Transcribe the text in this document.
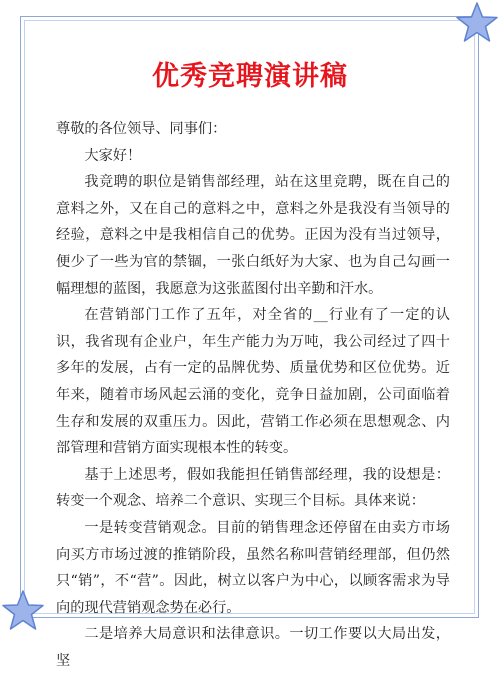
优秀竞聘演讲稿

尊敬的各位领导、同事们：

大家好！

我竞聘的职位是销售部经理，站在这里竞聘，既在自己的意料之外，又在自己的意料之中，意料之外是我没有当领导的经验，意料之中是我相信自己的优势。正因为没有当过领导，便少了一些为官的禁锢，一张白纸好为大家、也为自己勾画一幅理想的蓝图，我愿意为这张蓝图付出辛勤和汗水。

在营销部门工作了五年，对全省的__行业有了一定的认识，我省现有企业户，年生产能力为万吨，我公司经过了四十多年的发展，占有一定的品牌优势、质量优势和区位优势。近年来，随着市场风起云涌的变化，竞争日益加剧，公司面临着生存和发展的双重压力。因此，营销工作必须在思想观念、内部管理和营销方面实现根本性的转变。

基于上述思考，假如我能担任销售部经理，我的设想是：转变一个观念、培养二个意识、实现三个目标。具体来说：

一是转变营销观念。目前的销售理念还停留在由卖方市场向买方市场过渡的推销阶段，虽然名称叫营销经理部，但仍然只“销”，不“营”。因此，树立以客户为中心，以顾客需求为导向的现代营销观念势在必行。

二是培养大局意识和法律意识。一切工作要以大局出发，坚
